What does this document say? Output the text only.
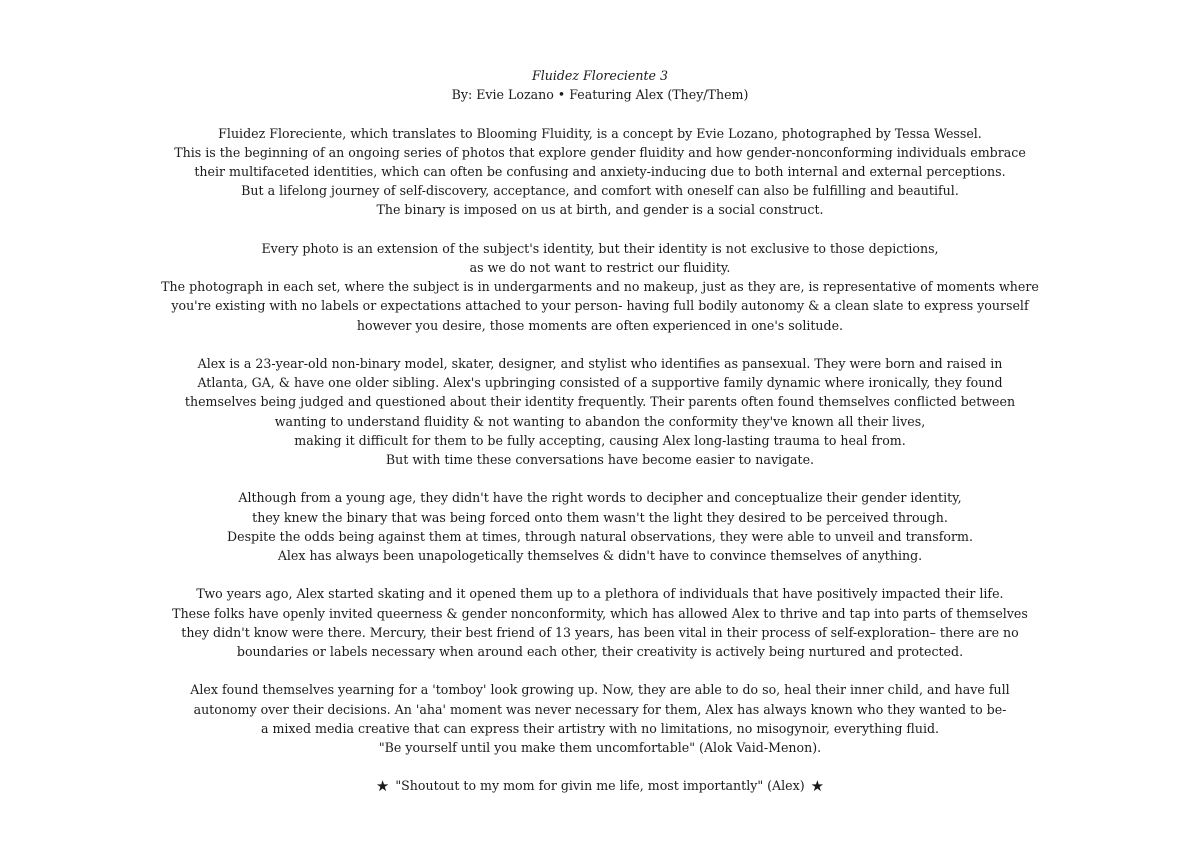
Fluidez Floreciente 3
By: Evie Lozano • Featuring Alex (They/Them)
Fluidez Floreciente, which translates to Blooming Fluidity, is a concept by Evie Lozano, photographed by Tessa Wessel.
This is the beginning of an ongoing series of photos that explore gender fluidity and how gender-nonconforming individuals embrace
their multifaceted identities, which can often be confusing and anxiety-inducing due to both internal and external perceptions.
But a lifelong journey of self-discovery, acceptance, and comfort with oneself can also be fulfilling and beautiful.
The binary is imposed on us at birth, and gender is a social construct.
Every photo is an extension of the subject's identity, but their identity is not exclusive to those depictions,
as we do not want to restrict our fluidity.
The photograph in each set, where the subject is in undergarments and no makeup, just as they are, is representative of moments where
you're existing with no labels or expectations attached to your person- having full bodily autonomy & a clean slate to express yourself
however you desire, those moments are often experienced in one's solitude.
Alex is a 23-year-old non-binary model, skater, designer, and stylist who identifies as pansexual. They were born and raised in
Atlanta, GA, & have one older sibling. Alex's upbringing consisted of a supportive family dynamic where ironically, they found
themselves being judged and questioned about their identity frequently. Their parents often found themselves conflicted between
wanting to understand fluidity & not wanting to abandon the conformity they've known all their lives,
making it difficult for them to be fully accepting, causing Alex long-lasting trauma to heal from.
But with time these conversations have become easier to navigate.
Although from a young age, they didn't have the right words to decipher and conceptualize their gender identity,
they knew the binary that was being forced onto them wasn't the light they desired to be perceived through.
Despite the odds being against them at times, through natural observations, they were able to unveil and transform.
Alex has always been unapologetically themselves & didn't have to convince themselves of anything.
Two years ago, Alex started skating and it opened them up to a plethora of individuals that have positively impacted their life.
These folks have openly invited queerness & gender nonconformity, which has allowed Alex to thrive and tap into parts of themselves
they didn't know were there. Mercury, their best friend of 13 years, has been vital in their process of self-exploration– there are no
boundaries or labels necessary when around each other, their creativity is actively being nurtured and protected.
Alex found themselves yearning for a 'tomboy' look growing up. Now, they are able to do so, heal their inner child, and have full
autonomy over their decisions. An 'aha' moment was never necessary for them, Alex has always known who they wanted to be-
a mixed media creative that can express their artistry with no limitations, no misogynoir, everything fluid.
"Be yourself until you make them uncomfortable" (Alok Vaid-Menon).
★ "Shoutout to my mom for givin me life, most importantly" (Alex) ★
